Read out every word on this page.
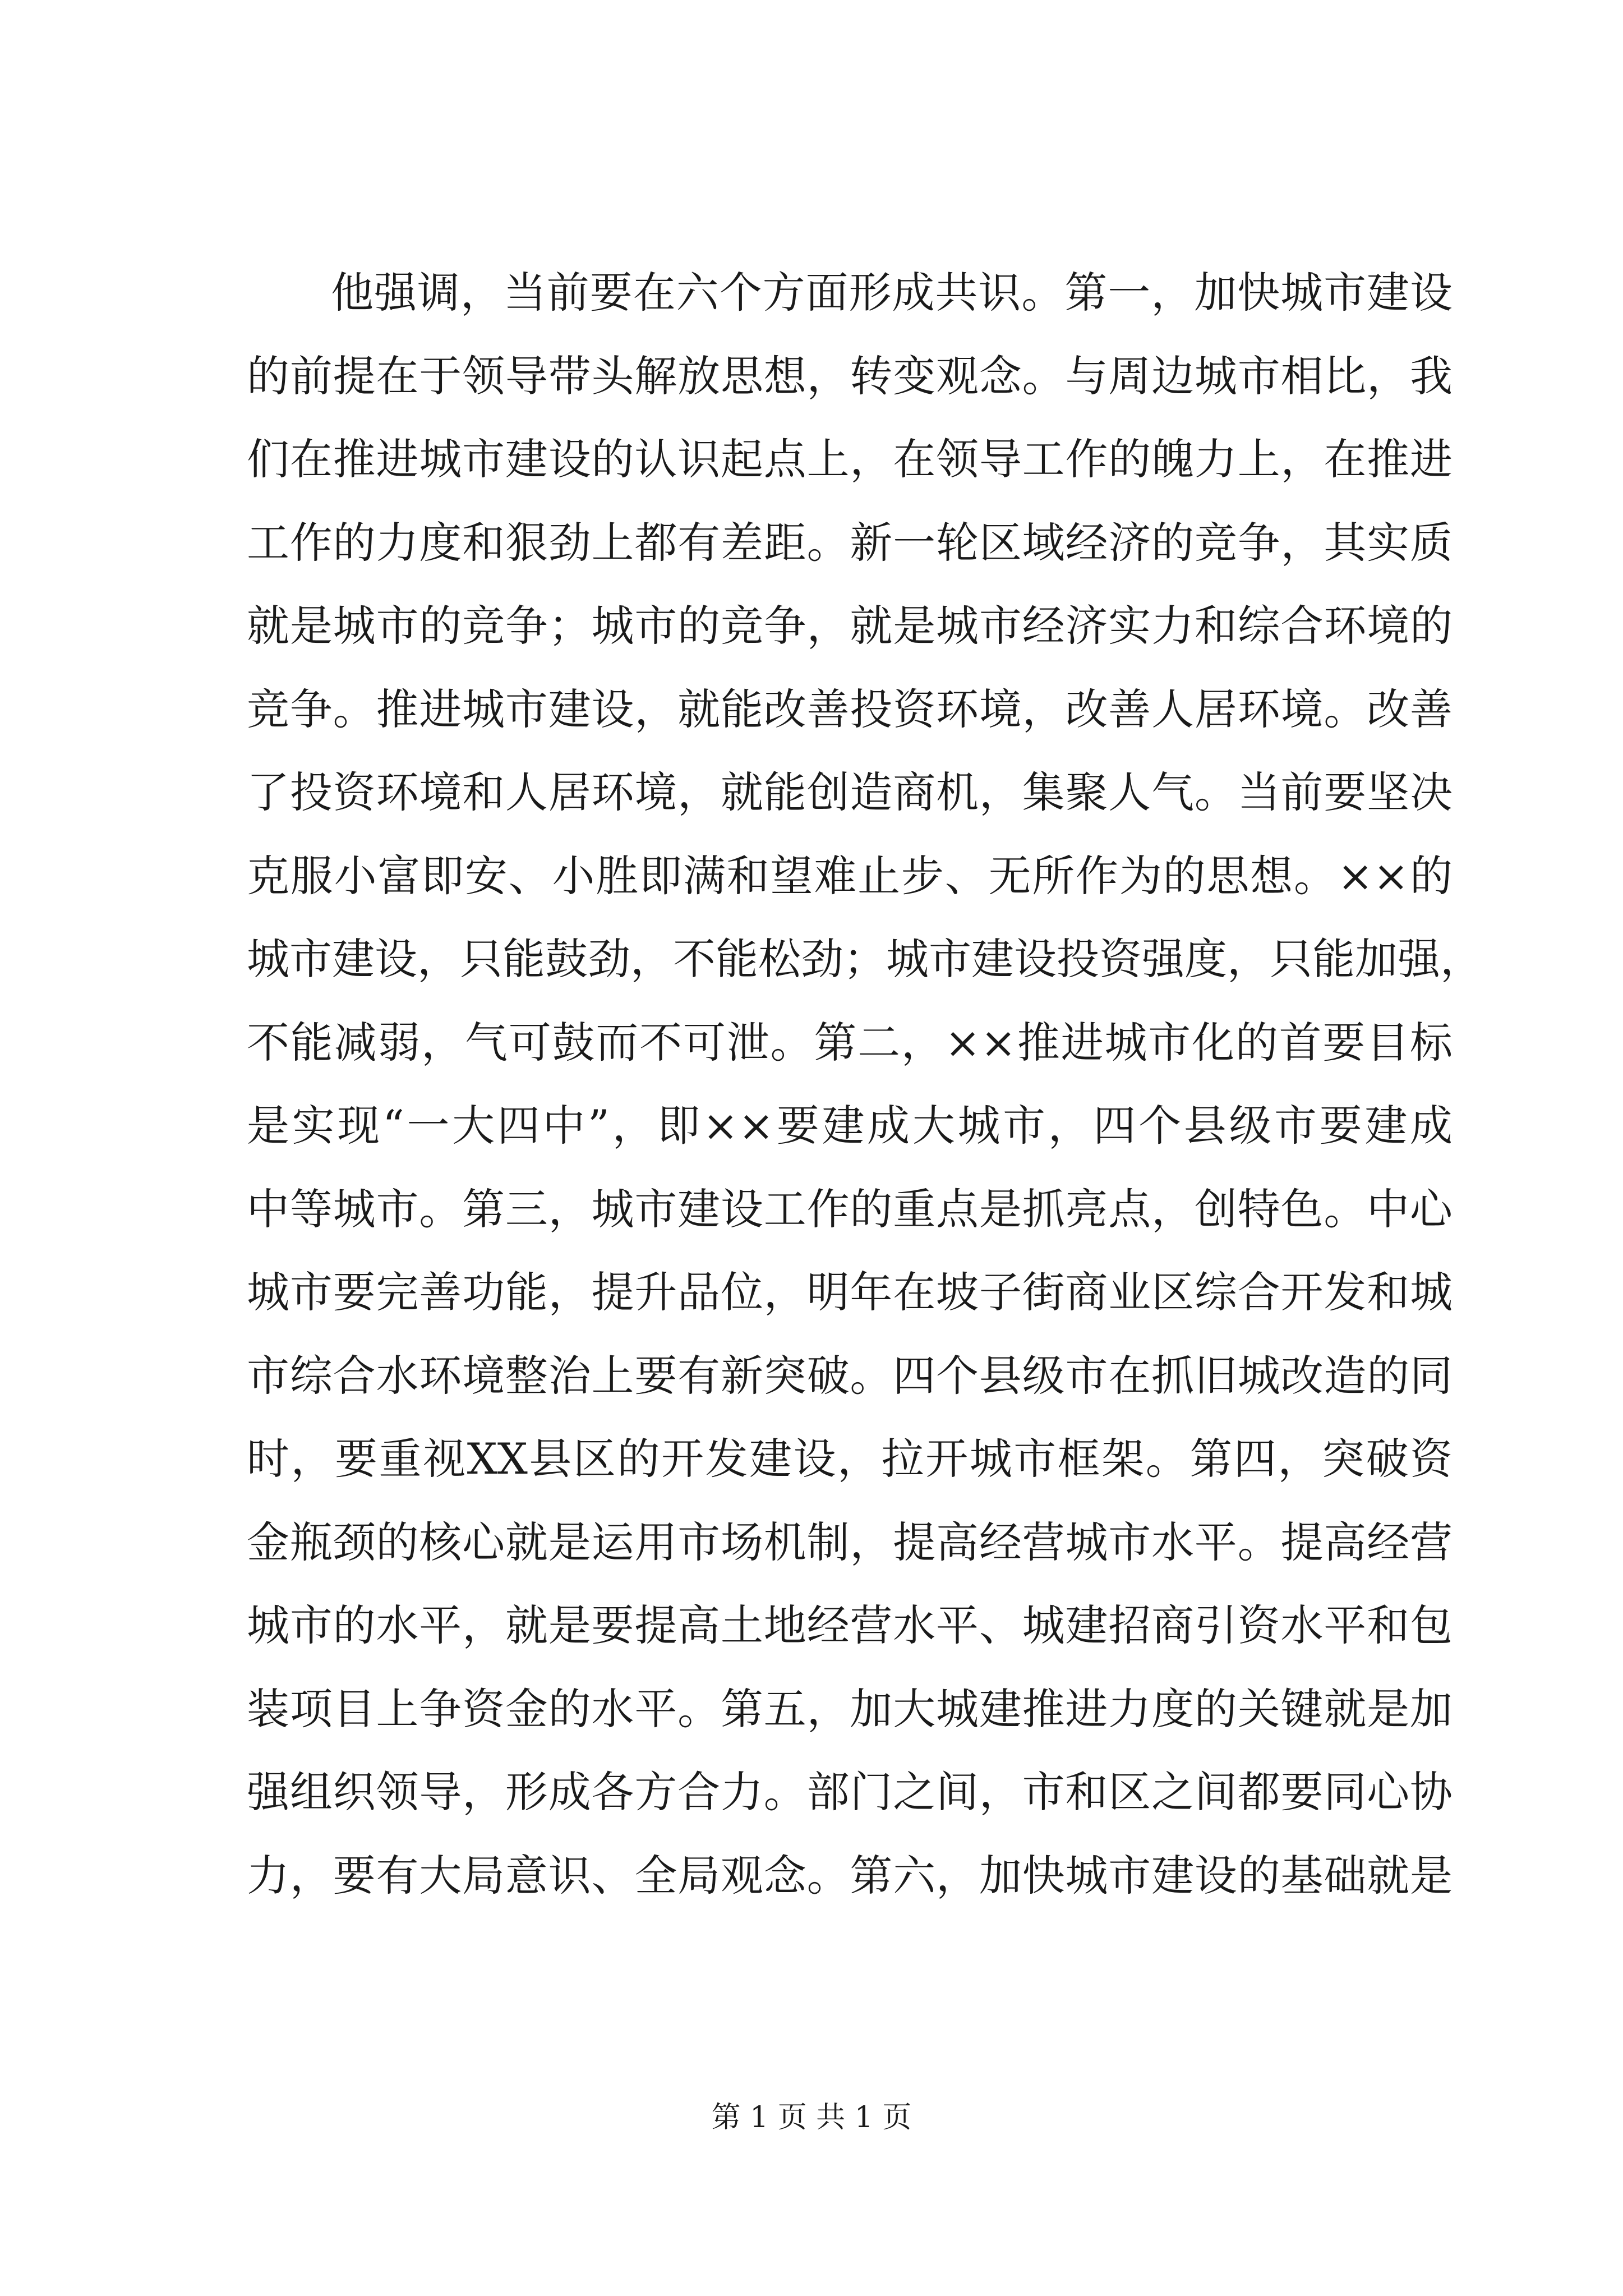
他强调，当前要在六个方面形成共识。第一，加快城市建设
的前提在于领导带头解放思想，转变观念。与周边城市相比，我
们在推进城市建设的认识起点上，在领导工作的魄力上，在推进
工作的力度和狠劲上都有差距。新一轮区域经济的竞争，其实质
就是城市的竞争；城市的竞争，就是城市经济实力和综合环境的
竞争。推进城市建设，就能改善投资环境，改善人居环境。改善
了投资环境和人居环境，就能创造商机，集聚人气。当前要坚决
克服小富即安、小胜即满和望难止步、无所作为的思想。××的
城市建设，只能鼓劲，不能松劲；城市建设投资强度，只能加强，
不能减弱，气可鼓而不可泄。第二，××推进城市化的首要目标
是实现“一大四中”，即××要建成大城市，四个县级市要建成
中等城市。第三，城市建设工作的重点是抓亮点，创特色。中心
城市要完善功能，提升品位，明年在坡子街商业区综合开发和城
市综合水环境整治上要有新突破。四个县级市在抓旧城改造的同
时，要重视XX县区的开发建设，拉开城市框架。第四，突破资
金瓶颈的核心就是运用市场机制，提高经营城市水平。提高经营
城市的水平，就是要提高土地经营水平、城建招商引资水平和包
装项目上争资金的水平。第五，加大城建推进力度的关键就是加
强组织领导，形成各方合力。部门之间，市和区之间都要同心协
力，要有大局意识、全局观念。第六，加快城市建设的基础就是
第 1 页 共 1 页
